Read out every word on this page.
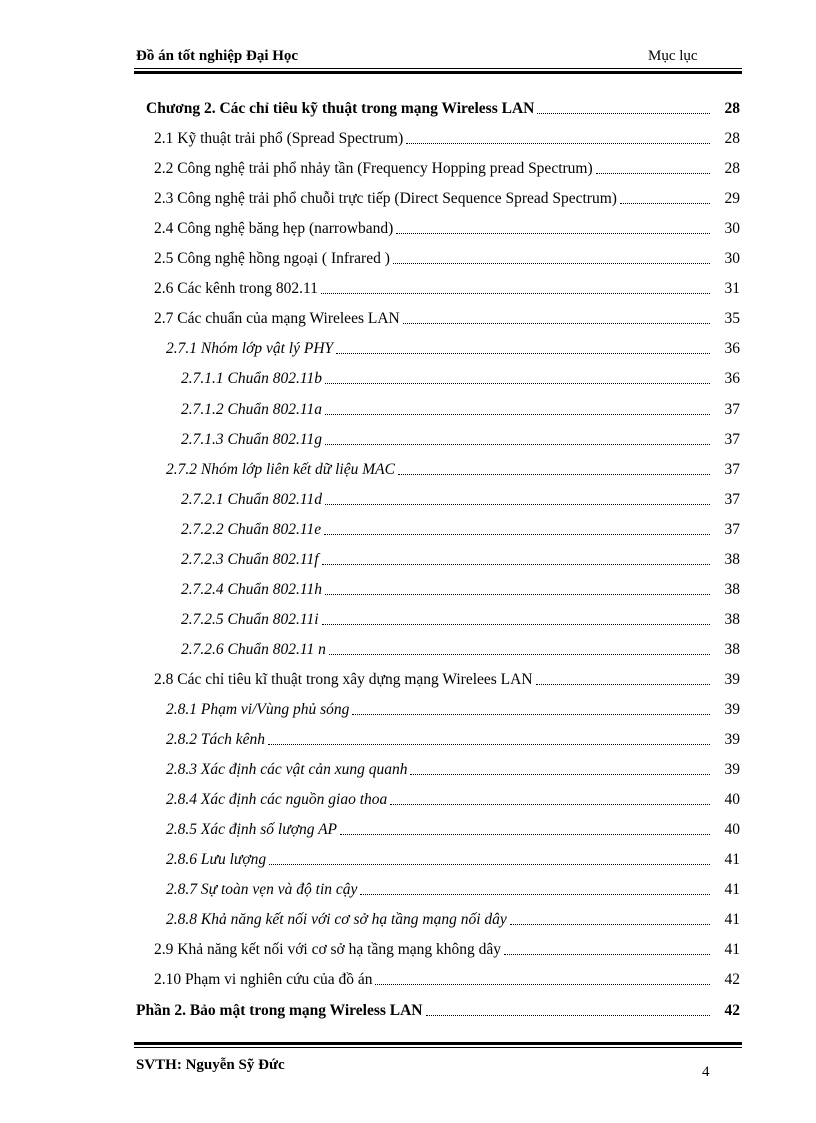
Đồ án tốt nghiệp Đại Học	Mục lục
Chương 2. Các chỉ tiêu kỹ thuật trong mạng Wireless LAN	28
2.1 Kỹ thuật trải phổ (Spread Spectrum)	28
2.2 Công nghệ trải phổ nhảy tần (Frequency Hopping pread Spectrum)	28
2.3 Công nghệ trải phổ chuỗi trực tiếp (Direct Sequence Spread Spectrum)	29
2.4 Công nghệ băng hẹp (narrowband)	30
2.5 Công nghệ hồng ngoại ( Infrared )	30
2.6 Các kênh trong 802.11	31
2.7 Các chuẩn của mạng Wirelees LAN	35
2.7.1 Nhóm lớp vật lý PHY	36
2.7.1.1 Chuẩn 802.11b	36
2.7.1.2 Chuẩn 802.11a	37
2.7.1.3 Chuẩn 802.11g	37
2.7.2 Nhóm lớp liên kết dữ liệu MAC	37
2.7.2.1 Chuẩn 802.11d	37
2.7.2.2 Chuẩn 802.11e	37
2.7.2.3 Chuẩn 802.11f	38
2.7.2.4 Chuẩn 802.11h	38
2.7.2.5 Chuẩn 802.11i	38
2.7.2.6 Chuẩn 802.11 n	38
2.8 Các chỉ tiêu kĩ thuật trong xây dựng mạng Wirelees LAN	39
2.8.1 Phạm vi/Vùng phủ sóng	39
2.8.2 Tách kênh	39
2.8.3 Xác định các vật cản xung quanh	39
2.8.4 Xác định các nguồn giao thoa	40
2.8.5 Xác định số lượng AP	40
2.8.6 Lưu lượng	41
2.8.7 Sự toàn vẹn và độ tin cậy	41
2.8.8 Khả năng kết nối với cơ sở hạ tầng mạng nối dây	41
2.9 Khả năng kết nối với cơ sở hạ tầng mạng không dây	41
2.10 Phạm vi nghiên cứu của đồ án	42
Phần 2. Bảo mật trong mạng Wireless LAN	42
SVTH: Nguyễn Sỹ Đức	4
